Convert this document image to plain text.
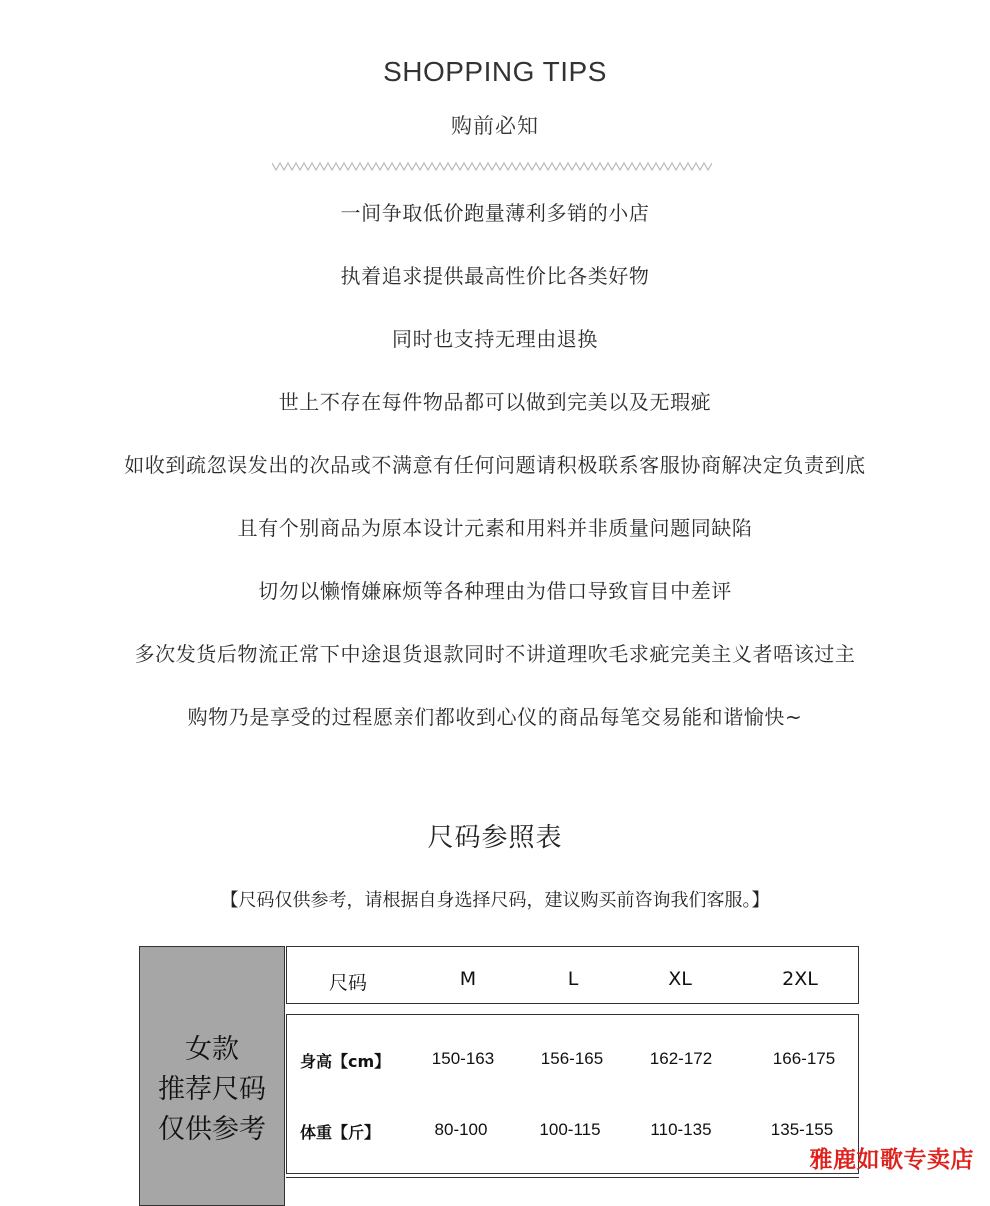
SHOPPING TIPS
购前必知
一间争取低价跑量薄利多销的小店
执着追求提供最高性价比各类好物
同时也支持无理由退换
世上不存在每件物品都可以做到完美以及无瑕疵
如收到疏忽误发出的次品或不满意有任何问题请积极联系客服协商解决定负责到底
且有个别商品为原本设计元素和用料并非质量问题同缺陷
切勿以懒惰嫌麻烦等各种理由为借口导致盲目中差评
多次发货后物流正常下中途退货退款同时不讲道理吹毛求疵完美主义者唔该过主
购物乃是享受的过程愿亲们都收到心仪的商品每笔交易能和谐愉快~
尺码参照表
【尺码仅供参考，请根据自身选择尺码，建议购买前咨询我们客服。】
女款
推荐尺码
仅供参考
尺码	M	L	XL	2XL
身高【cm】	150-163	156-165	162-172	166-175
体重【斤】	80-100	100-115	110-135	135-155
雅鹿如歌专卖店
